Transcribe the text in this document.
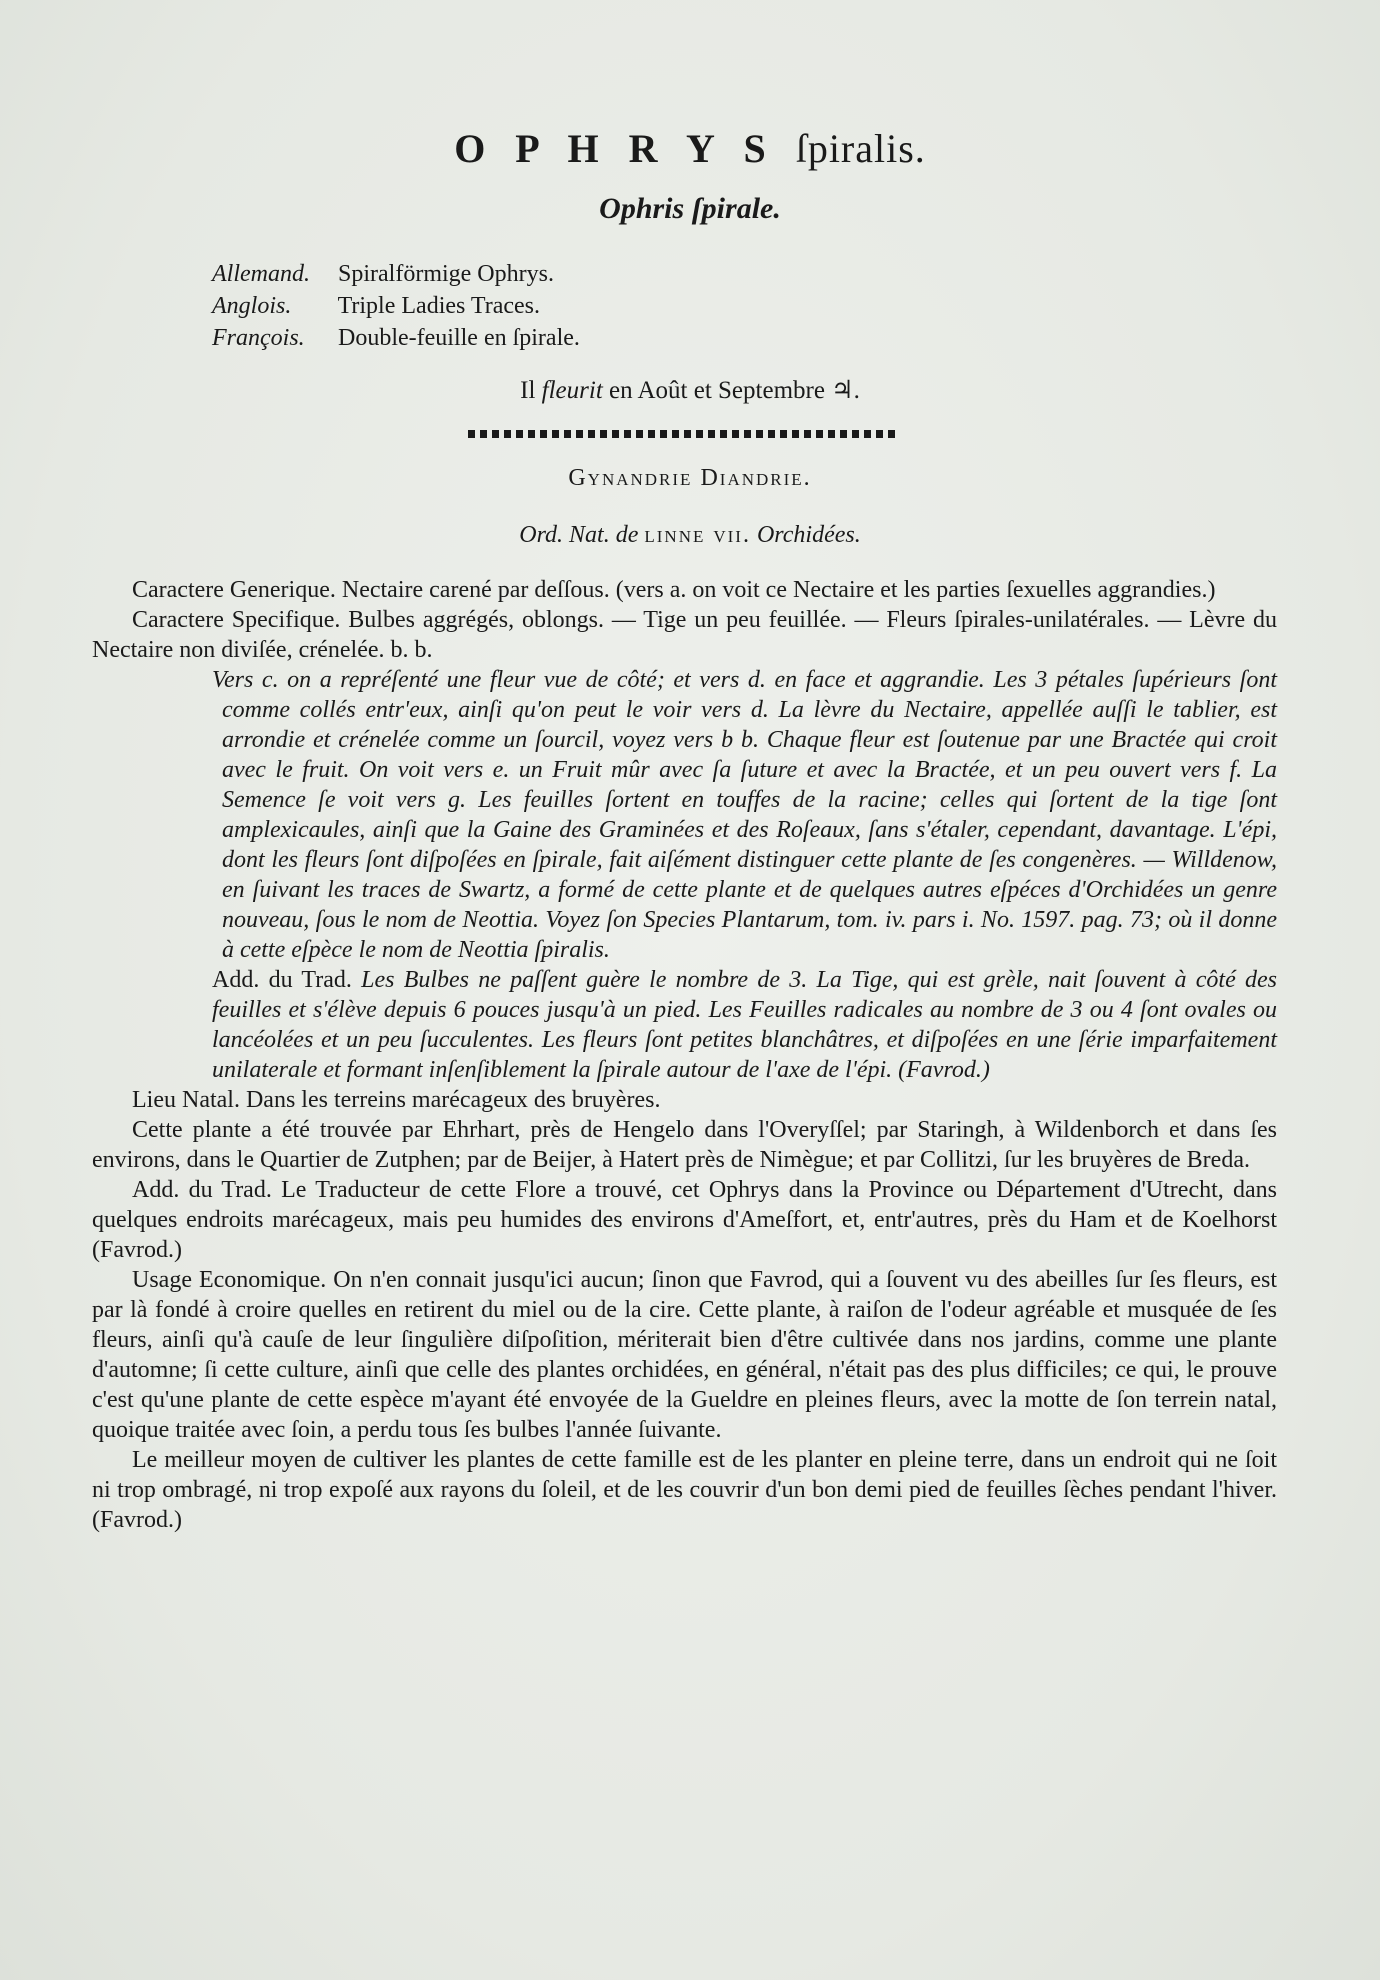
O P H R Y S ſpiralis.
Ophris ſpirale.
Allemand. Spiralförmige Ophrys.
Anglois. Triple Ladies Traces.
François. Double-feuille en ſpirale.
Il fleurit en Août et Septembre ♃.
Gynandrie Diandrie.
Ord. Nat. de linne vii. Orchidées.

Caractere Generique. Nectaire carené par deſſous. (vers a. on voit ce Nectaire et les parties ſexuelles aggrandies.)

Caractere Specifique. Bulbes aggrégés, oblongs. — Tige un peu feuillée. — Fleurs ſpirales-unilatérales. — Lèvre du Nectaire non diviſée, crénelée. b. b.

Vers c. on a repréſenté une fleur vue de côté; et vers d. en face et aggrandie. Les 3 pétales ſupérieurs ſont comme collés entr'eux, ainſi qu'on peut le voir vers d. La lèvre du Nectaire, appellée auſſi le tablier, est arrondie et crénelée comme un ſourcil, voyez vers b b. Chaque fleur est ſoutenue par une Bractée qui croit avec le fruit. On voit vers e. un Fruit mûr avec ſa ſuture et avec la Bractée, et un peu ouvert vers f. La Semence ſe voit vers g. Les feuilles ſortent en touffes de la racine; celles qui ſortent de la tige ſont amplexicaules, ainſi que la Gaine des Graminées et des Roſeaux, ſans s'étaler, cependant, davantage. L'épi, dont les fleurs ſont diſpoſées en ſpirale, fait aiſément distinguer cette plante de ſes congenères. — Willdenow, en ſuivant les traces de Swartz, a formé de cette plante et de quelques autres eſpéces d'Orchidées un genre nouveau, ſous le nom de Neottia. Voyez ſon Species Plantarum, tom. iv. pars i. No. 1597. pag. 73; où il donne à cette eſpèce le nom de Neottia ſpiralis.

Add. du Trad. Les Bulbes ne paſſent guère le nombre de 3. La Tige, qui est grèle, nait ſouvent à côté des feuilles et s'élève depuis 6 pouces jusqu'à un pied. Les Feuilles radicales au nombre de 3 ou 4 ſont ovales ou lancéolées et un peu ſucculentes. Les fleurs ſont petites blanchâtres, et diſpoſées en une ſérie imparfaitement unilaterale et formant inſenſiblement la ſpirale autour de l'axe de l'épi. (Favrod.)

Lieu Natal. Dans les terreins marécageux des bruyères.

Cette plante a été trouvée par Ehrhart, près de Hengelo dans l'Overyſſel; par Staringh, à Wildenborch et dans ſes environs, dans le Quartier de Zutphen; par de Beijer, à Hatert près de Nimègue; et par Collitzi, ſur les bruyères de Breda.

Add. du Trad. Le Traducteur de cette Flore a trouvé, cet Ophrys dans la Province ou Département d'Utrecht, dans quelques endroits marécageux, mais peu humides des environs d'Ameſfort, et, entr'autres, près du Ham et de Koelhorst (Favrod.)

Usage Economique. On n'en connait jusqu'ici aucun; ſinon que Favrod, qui a ſouvent vu des abeilles ſur ſes fleurs, est par là fondé à croire quelles en retirent du miel ou de la cire. Cette plante, à raiſon de l'odeur agréable et musquée de ſes fleurs, ainſi qu'à cauſe de leur ſingulière diſpoſition, mériterait bien d'être cultivée dans nos jardins, comme une plante d'automne; ſi cette culture, ainſi que celle des plantes orchidées, en général, n'était pas des plus difficiles; ce qui, le prouve c'est qu'une plante de cette espèce m'ayant été envoyée de la Gueldre en pleines fleurs, avec la motte de ſon terrein natal, quoique traitée avec ſoin, a perdu tous ſes bulbes l'année ſuivante.

Le meilleur moyen de cultiver les plantes de cette famille est de les planter en pleine terre, dans un endroit qui ne ſoit ni trop ombragé, ni trop expoſé aux rayons du ſoleil, et de les couvrir d'un bon demi pied de feuilles ſèches pendant l'hiver. (Favrod.)
